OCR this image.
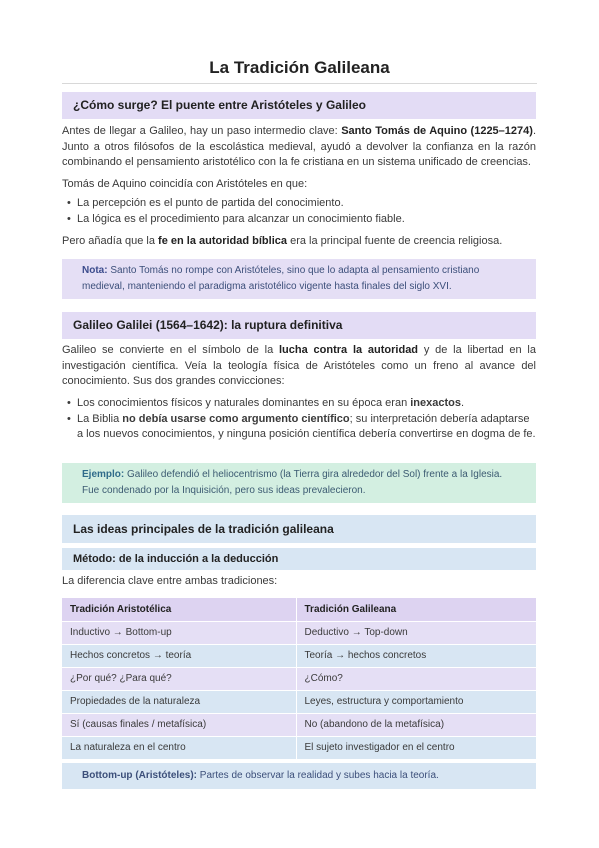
La Tradición Galileana
¿Cómo surge? El puente entre Aristóteles y Galileo
Antes de llegar a Galileo, hay un paso intermedio clave: Santo Tomás de Aquino (1225–1274). Junto a otros filósofos de la escolástica medieval, ayudó a devolver la confianza en la razón combinando el pensamiento aristotélico con la fe cristiana en un sistema unificado de creencias.
Tomás de Aquino coincidía con Aristóteles en que:
• La percepción es el punto de partida del conocimiento.
• La lógica es el procedimiento para alcanzar un conocimiento fiable.
Pero añadía que la fe en la autoridad bíblica era la principal fuente de creencia religiosa.
Nota: Santo Tomás no rompe con Aristóteles, sino que lo adapta al pensamiento cristiano medieval, manteniendo el paradigma aristotélico vigente hasta finales del siglo XVI.
Galileo Galilei (1564–1642): la ruptura definitiva
Galileo se convierte en el símbolo de la lucha contra la autoridad y de la libertad en la investigación científica. Veía la teología física de Aristóteles como un freno al avance del conocimiento. Sus dos grandes convicciones:
• Los conocimientos físicos y naturales dominantes en su época eran inexactos.
• La Biblia no debía usarse como argumento científico; su interpretación debería adaptarse a los nuevos conocimientos, y ninguna posición científica debería convertirse en dogma de fe.
Ejemplo: Galileo defendió el heliocentrismo (la Tierra gira alrededor del Sol) frente a la Iglesia.
Fue condenado por la Inquisición, pero sus ideas prevalecieron.
Las ideas principales de la tradición galileana
Método: de la inducción a la deducción
La diferencia clave entre ambas tradiciones:
Tradición Aristotélica	Tradición Galileana
Inductivo → Bottom-up	Deductivo → Top-down
Hechos concretos → teoría	Teoría → hechos concretos
¿Por qué? ¿Para qué?	¿Cómo?
Propiedades de la naturaleza	Leyes, estructura y comportamiento
Sí (causas finales / metafísica)	No (abandono de la metafísica)
La naturaleza en el centro	El sujeto investigador en el centro
Bottom-up (Aristóteles): Partes de observar la realidad y subes hacia la teoría.
